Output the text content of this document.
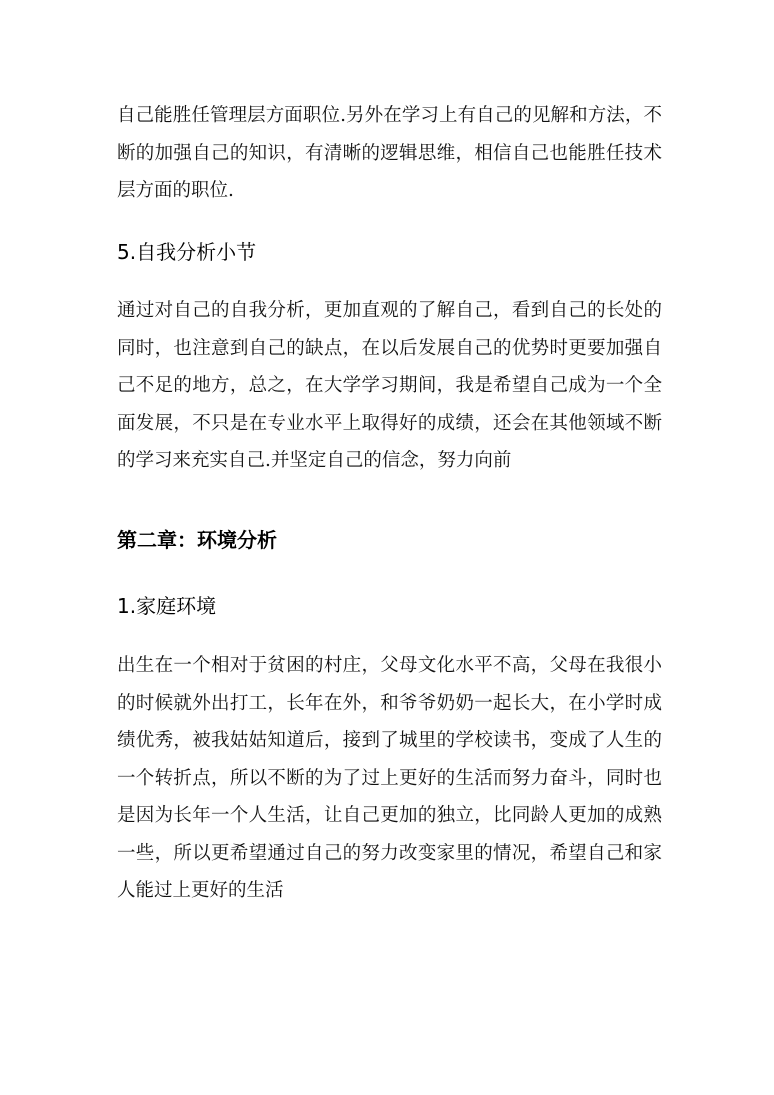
自己能胜任管理层方面职位.另外在学习上有自己的见解和方法，不断的加强自己的知识，有清晰的逻辑思维，相信自己也能胜任技术层方面的职位.

5.自我分析小节

通过对自己的自我分析，更加直观的了解自己，看到自己的长处的同时，也注意到自己的缺点，在以后发展自己的优势时更要加强自己不足的地方，总之，在大学学习期间，我是希望自己成为一个全面发展，不只是在专业水平上取得好的成绩，还会在其他领域不断的学习来充实自己.并坚定自己的信念，努力向前

第二章：环境分析
1.家庭环境

出生在一个相对于贫困的村庄，父母文化水平不高，父母在我很小的时候就外出打工，长年在外，和爷爷奶奶一起长大，在小学时成绩优秀，被我姑姑知道后，接到了城里的学校读书，变成了人生的一个转折点，所以不断的为了过上更好的生活而努力奋斗，同时也是因为长年一个人生活，让自己更加的独立，比同龄人更加的成熟一些，所以更希望通过自己的努力改变家里的情况，希望自己和家人能过上更好的生活
